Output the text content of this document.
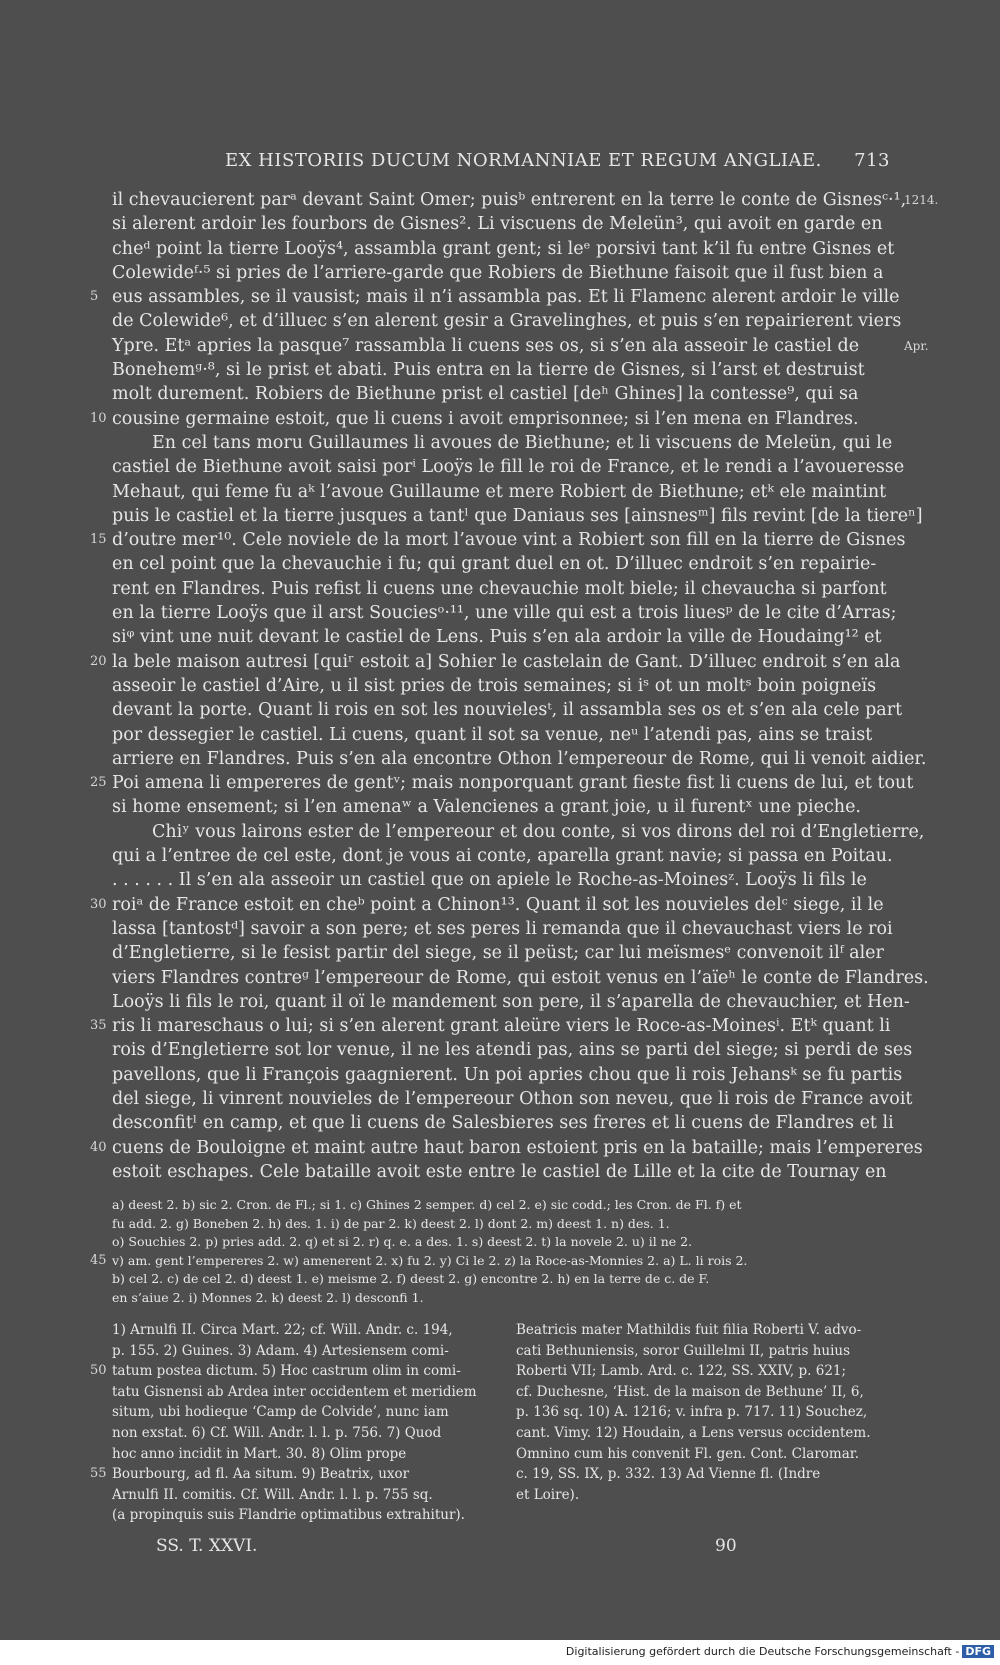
EX HISTORIIS DUCUM NORMANNIAE ET REGUM ANGLIAE. 713
il chevaucierent parᵃ devant Saint Omer; puisᵇ entrerent en la terre le conte de Gisnesᶜ·¹,
1214.
si alerent ardoir les fourbors de Gisnes². Li viscuens de Meleün³, qui avoit en garde en
cheᵈ point la tierre Looÿs⁴, assambla grant gent; si leᵉ porsivi tant k’il fu entre Gisnes et
Colewideᶠ·⁵ si pries de l’arriere-garde que Robiers de Biethune faisoit que il fust bien a
5 eus assambles, se il vausist; mais il n’i assambla pas. Et li Flamenc alerent ardoir le ville
de Colewide⁶, et d’illuec s’en alerent gesir a Gravelinghes, et puis s’en repairierent viers
Ypre. Etᵃ apries la pasque⁷ rassambla li cuens ses os, si s’en ala asseoir le castiel de	Apr.
Bonehemᵍ·⁸, si le prist et abati. Puis entra en la tierre de Gisnes, si l’arst et destruist
molt durement. Robiers de Biethune prist el castiel [deʰ Ghines] la contesse⁹, qui sa
10 cousine germaine estoit, que li cuens i avoit emprisonnee; si l’en mena en Flandres.
En cel tans moru Guillaumes li avoues de Biethune; et li viscuens de Meleün, qui le
castiel de Biethune avoit saisi porⁱ Looÿs le fill le roi de France, et le rendi a l’avoueresse
Mehaut, qui feme fu aᵏ l’avoue Guillaume et mere Robiert de Biethune; etᵏ ele maintint
puis le castiel et la tierre jusques a tantˡ que Daniaus ses [ainsnesᵐ] fils revint [de la tiereⁿ]
15 d’outre mer¹⁰. Cele noviele de la mort l’avoue vint a Robiert son fill en la tierre de Gisnes
en cel point que la chevauchie i fu; qui grant duel en ot. D’illuec endroit s’en repairie-
rent en Flandres. Puis refist li cuens une chevauchie molt biele; il chevaucha si parfont
en la tierre Looÿs que il arst Souciesᵒ·¹¹, une ville qui est a trois liuesᵖ de le cite d’Arras;
siᵠ vint une nuit devant le castiel de Lens. Puis s’en ala ardoir la ville de Houdaing¹² et
20 la bele maison autresi [quiʳ estoit a] Sohier le castelain de Gant. D’illuec endroit s’en ala
asseoir le castiel d’Aire, u il sist pries de trois semaines; si iˢ ot un moltˢ boin poigneïs
devant la porte. Quant li rois en sot les nouvielesᵗ, il assambla ses os et s’en ala cele part
por dessegier le castiel. Li cuens, quant il sot sa venue, neᵘ l’atendi pas, ains se traist
arriere en Flandres. Puis s’en ala encontre Othon l’empereour de Rome, qui li venoit aidier.
25 Poi amena li empereres de gentᵛ; mais nonporquant grant fieste fist li cuens de lui, et tout
si home ensement; si l’en amenaʷ a Valencienes a grant joie, u il furentˣ une pieche.
Chiʸ vous lairons ester de l’empereour et dou conte, si vos dirons del roi d’Engletierre,
qui a l’entree de cel este, dont je vous ai conte, aparella grant navie; si passa en Poitau.
. . . . . . Il s’en ala asseoir un castiel que on apiele le Roche-as-Moinesᶻ. Looÿs li fils le
30 roiᵃ de France estoit en cheᵇ point a Chinon¹³. Quant il sot les nouvieles delᶜ siege, il le
lassa [tantostᵈ] savoir a son pere; et ses peres li remanda que il chevauchast viers le roi
d’Engletierre, si le fesist partir del siege, se il peüst; car lui meïsmesᵉ convenoit ilᶠ aler
viers Flandres contreᵍ l’empereour de Rome, qui estoit venus en l’aïeʰ le conte de Flandres.
Looÿs li fils le roi, quant il oï le mandement son pere, il s’aparella de chevauchier, et Hen-
35 ris li mareschaus o lui; si s’en alerent grant aleüre viers le Roce-as-Moinesⁱ. Etᵏ quant li
rois d’Engletierre sot lor venue, il ne les atendi pas, ains se parti del siege; si perdi de ses
pavellons, que li François gaagnierent. Un poi apries chou que li rois Jehansᵏ se fu partis
del siege, li vinrent nouvieles de l’empereour Othon son neveu, que li rois de France avoit
desconfitˡ en camp, et que li cuens de Salesbieres ses freres et li cuens de Flandres et li
40 cuens de Bouloigne et maint autre haut baron estoient pris en la bataille; mais l’empereres
estoit eschapes. Cele bataille avoit este entre le castiel de Lille et la cite de Tournay en
a) deest 2. b) sic 2. Cron. de Fl.; si 1. c) Ghines 2 semper. d) cel 2. e) sic codd.; les Cron. de Fl. f) et
fu add. 2. g) Boneben 2. h) des. 1. i) de par 2. k) deest 2. l) dont 2. m) deest 1. n) des. 1.
o) Souchies 2. p) pries add. 2. q) et si 2. r) q. e. a des. 1. s) deest 2. t) la novele 2. u) il ne 2.
45 v) am. gent l’empereres 2. w) amenerent 2. x) fu 2. y) Ci le 2. z) la Roce-as-Monnies 2. a) L. li rois 2.
b) cel 2. c) de cel 2. d) deest 1. e) meisme 2. f) deest 2. g) encontre 2. h) en la terre de c. de F.
en s’aiue 2. i) Monnes 2. k) deest 2. l) desconfi 1.
1) Arnulfi II. Circa Mart. 22; cf. Will. Andr. c. 194,
p. 155. 2) Guines. 3) Adam. 4) Artesiensem comi-
50 tatum postea dictum. 5) Hoc castrum olim in comi-
tatu Gisnensi ab Ardea inter occidentem et meridiem
situm, ubi hodieque ‘Camp de Colvide’, nunc iam
non exstat. 6) Cf. Will. Andr. l. l. p. 756. 7) Quod
hoc anno incidit in Mart. 30. 8) Olim prope
55 Bourbourg, ad fl. Aa situm. 9) Beatrix, uxor
Arnulfi II. comitis. Cf. Will. Andr. l. l. p. 755 sq.
(a propinquis suis Flandrie optimatibus extrahitur).
Beatricis mater Mathildis fuit filia Roberti V. advo-
cati Bethuniensis, soror Guillelmi II, patris huius
Roberti VII; Lamb. Ard. c. 122, SS. XXIV, p. 621;
cf. Duchesne, ‘Hist. de la maison de Bethune’ II, 6,
p. 136 sq. 10) A. 1216; v. infra p. 717. 11) Souchez,
cant. Vimy. 12) Houdain, a Lens versus occidentem.
Omnino cum his convenit Fl. gen. Cont. Claromar.
c. 19, SS. IX, p. 332. 13) Ad Vienne fl. (Indre
et Loire).
SS. T. XXVI.	90
Digitalisierung gefördert durch die Deutsche Forschungsgemeinschaft - DFG
